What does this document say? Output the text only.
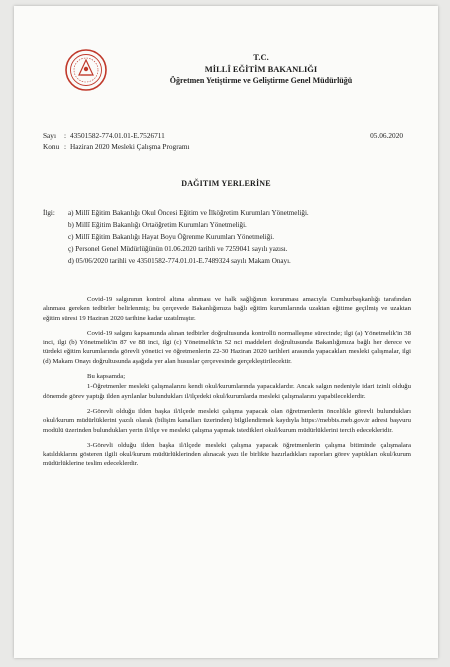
T.C.
MİLLÎ EĞİTİM BAKANLIĞI
Öğretmen Yetiştirme ve Geliştirme Genel Müdürlüğü
Sayı	: 43501582-774.01.01-E.7526711
Konu : Haziran 2020 Mesleki Çalışma Programı
05.06.2020
DAĞITIM YERLERİNE
İlgi:	a) Millî Eğitim Bakanlığı Okul Öncesi Eğitim ve İlköğretim Kurumları Yönetmeliği.
b) Millî Eğitim Bakanlığı Ortaöğretim Kurumları Yönetmeliği.
c) Millî Eğitim Bakanlığı Hayat Boyu Öğrenme Kurumları Yönetmeliği.
ç) Personel Genel Müdürlüğünün 01.06.2020 tarihli ve 7259041 sayılı yazısı.
d) 05/06/2020 tarihli ve 43501582-774.01.01-E.7489324 sayılı Makam Onayı.

Covid-19 salgınının kontrol altına alınması ve halk sağlığının korunması amacıyla Cumhurbaşkanlığı tarafından alınması gereken tedbirler belirlenmiş; bu çerçevede Bakanlığımıza bağlı eğitim kurumlarında uzaktan eğitime geçilmiş ve uzaktan eğitim süresi 19 Haziran 2020 tarihine kadar uzatılmıştır.

Covid-19 salgını kapsamında alınan tedbirler doğrultusunda kontrollü normalleşme sürecinde; ilgi (a) Yönetmelik'in 38 inci, ilgi (b) Yönetmelik'in 87 ve 88 inci, ilgi (c) Yönetmelik'in 52 nci maddeleri doğrultusunda Bakanlığımıza bağlı her derece ve türdeki eğitim kurumlarında görevli yönetici ve öğretmenlerin 22-30 Haziran 2020 tarihleri arasında yapacakları mesleki çalışmalar, ilgi (d) Makam Onayı doğrultusunda aşağıda yer alan hususlar çerçevesinde gerçekleştirilecektir.

Bu kapsamda;

1-Öğretmenler mesleki çalışmalarını kendi okul/kurumlarında yapacaklardır. Ancak salgın nedeniyle idari izinli olduğu dönemde görev yaptığı ilden ayrılanlar bulundukları il/ilçedeki okul/kurumlarda mesleki çalışmalarını yapabileceklerdir.

2-Görevli olduğu ilden başka il/ilçede mesleki çalışma yapacak olan öğretmenlerin öncelikle görevli bulundukları okul/kurum müdürlüklerini yazılı olarak (bilişim kanalları üzerinden) bilgilendirmek kaydıyla https://mebbis.meb.gov.tr adresi başvuru modülü üzerinden bulundukları yerin il/ilçe ve mesleki çalışma yapmak istedikleri okul/kurum müdürlüklerini tercih edecekleridir.

3-Görevli olduğu ilden başka il/ilçede mesleki çalışma yapacak öğretmenlerin çalışma bitiminde çalışmalara katıldıklarını gösteren ilgili okul/kurum müdürlüklerinden alınacak yazı ile birlikte hazırladıkları raporları görev yaptıkları okul/kurum müdürlüklerine teslim edeceklerdir.
